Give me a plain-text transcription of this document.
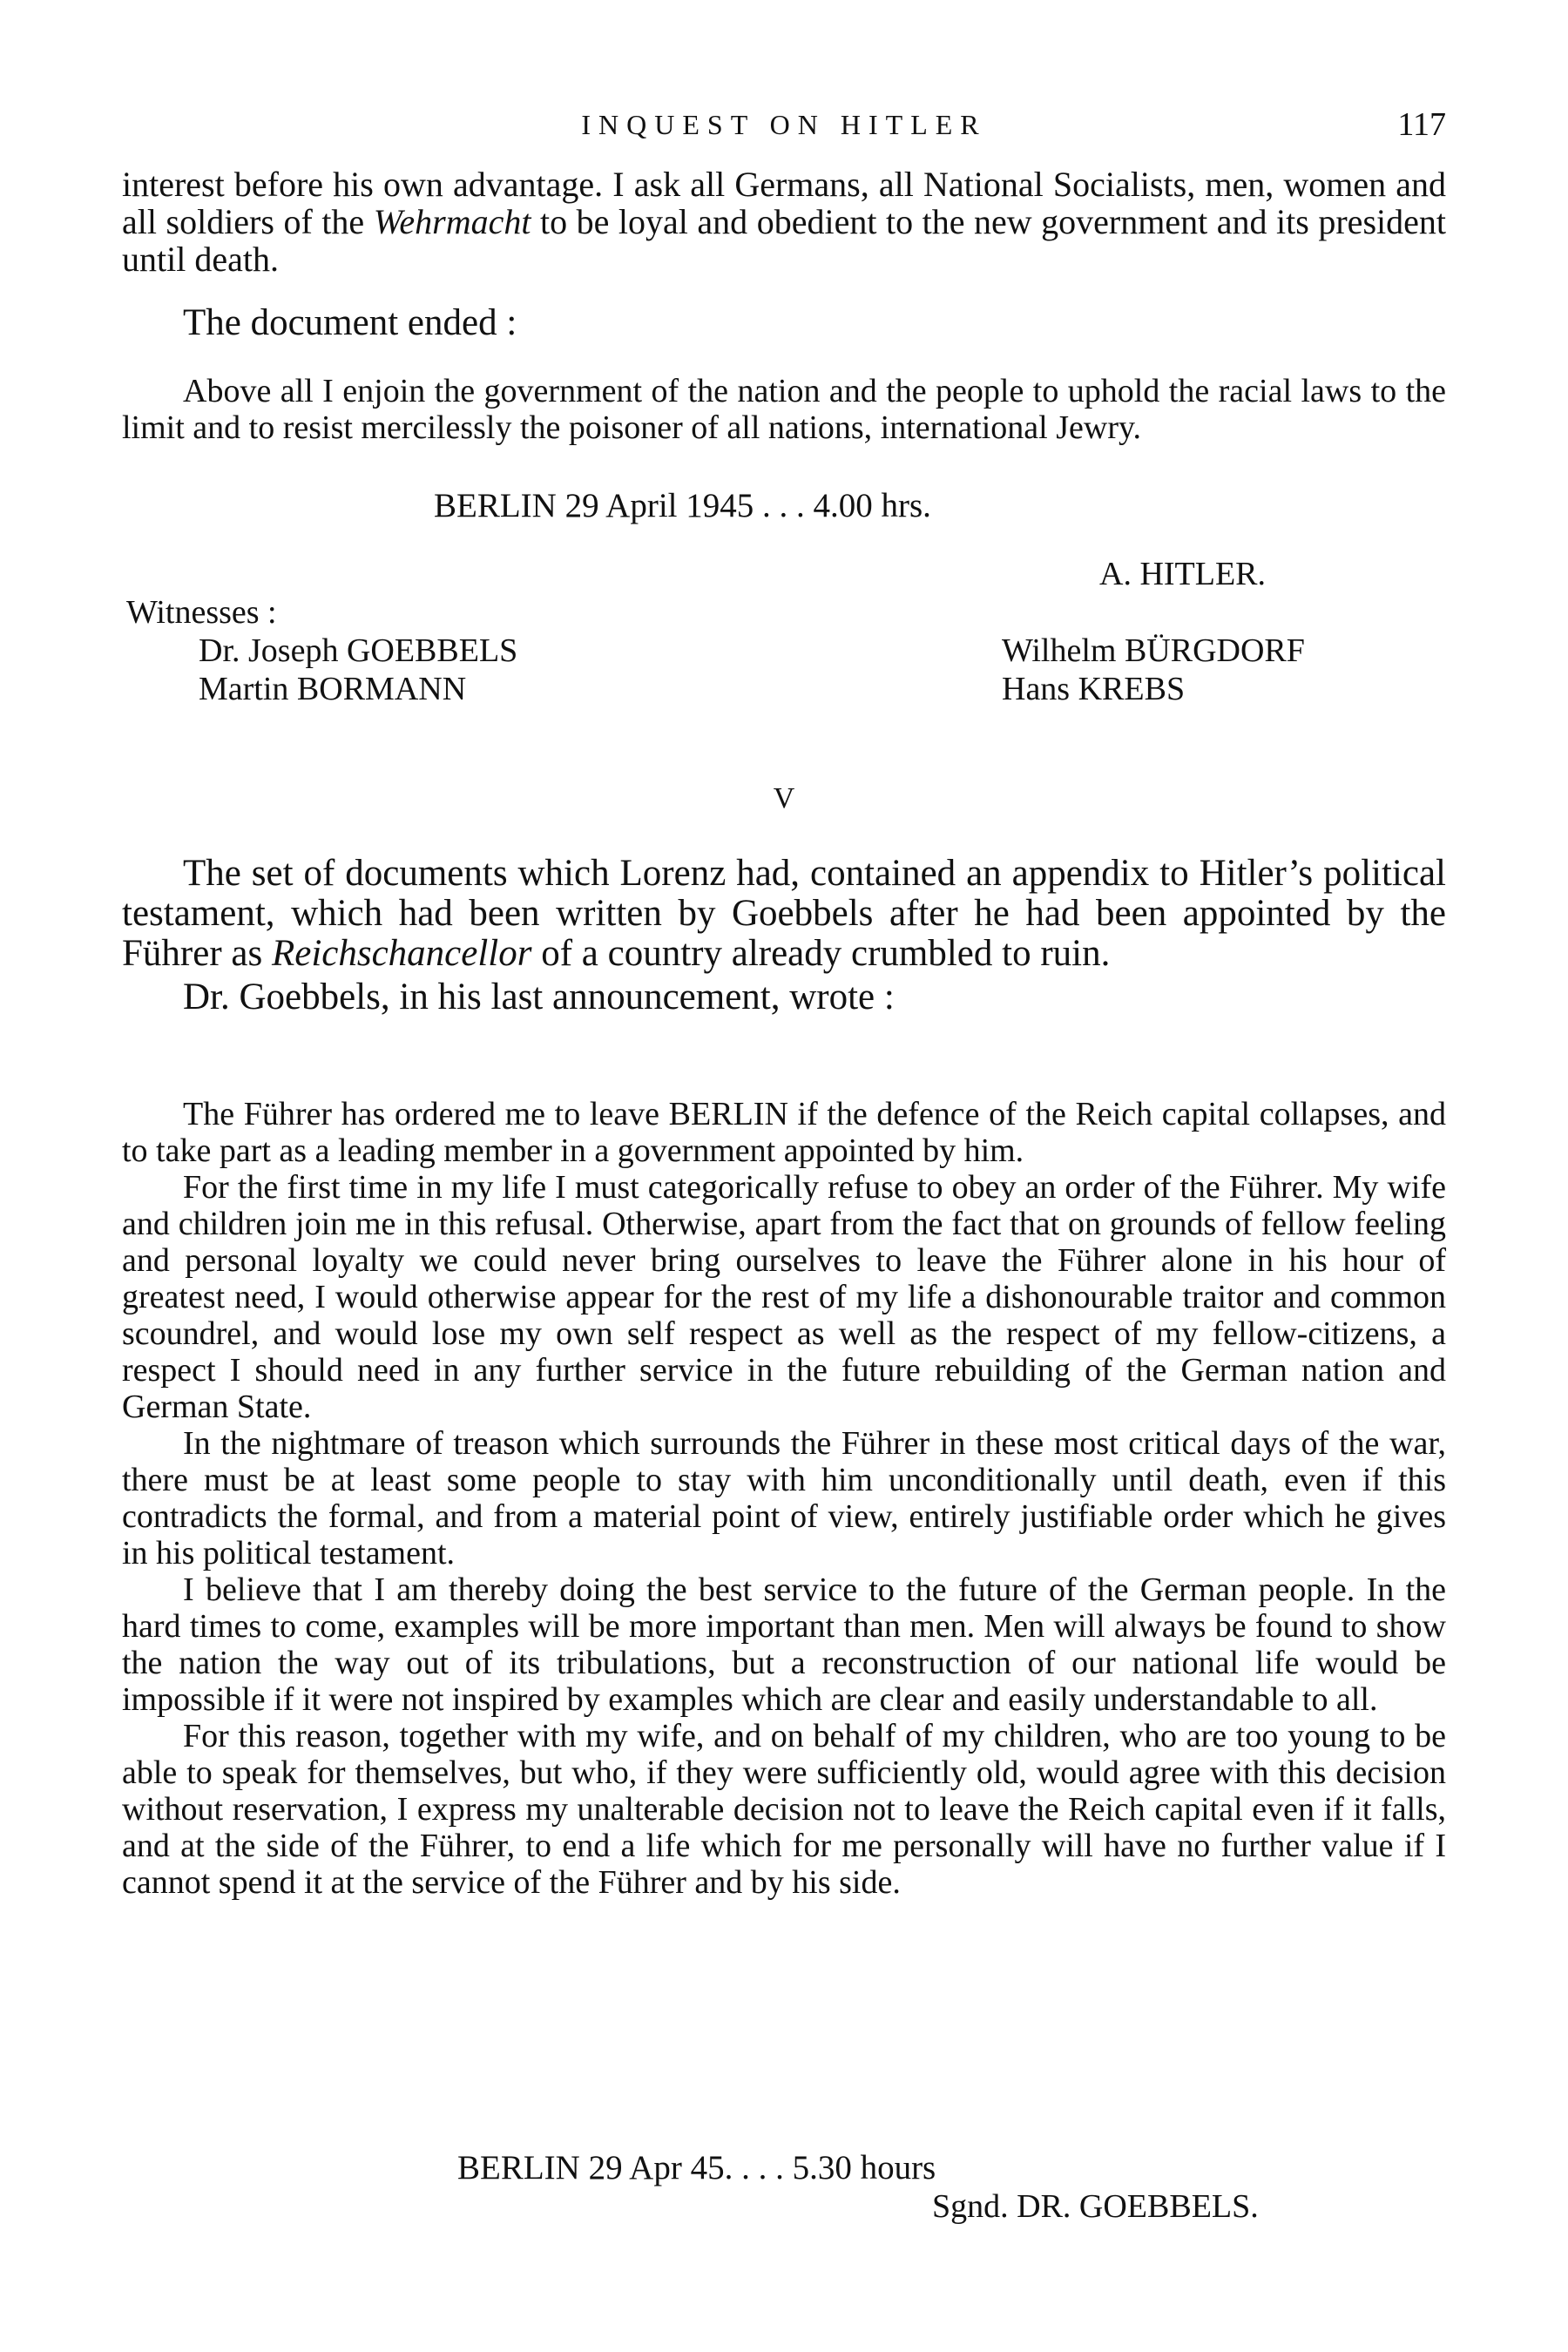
INQUEST ON HITLER	117

interest before his own advantage. I ask all Germans, all National Socialists, men, women and all soldiers of the Wehrmacht to be loyal and obedient to the new government and its president until death.

The document ended :

Above all I enjoin the government of the nation and the people to uphold the racial laws to the limit and to resist mercilessly the poisoner of all nations, international Jewry.

BERLIN 29 April 1945 . . . 4.00 hrs.
A. HITLER.
Witnesses :
Dr. Joseph GOEBBELS
Martin BORMANN
Wilhelm BÜRGDORF
Hans KREBS
V

The set of documents which Lorenz had, contained an appendix to Hitler’s political testament, which had been written by Goebbels after he had been appointed by the Führer as Reichschancellor of a country already crumbled to ruin.

Dr. Goebbels, in his last announcement, wrote :

The Führer has ordered me to leave BERLIN if the defence of the Reich capital collapses, and to take part as a leading member in a government appointed by him.

For the first time in my life I must categorically refuse to obey an order of the Führer. My wife and children join me in this refusal. Otherwise, apart from the fact that on grounds of fellow feeling and personal loyalty we could never bring ourselves to leave the Führer alone in his hour of greatest need, I would otherwise appear for the rest of my life a dishonourable traitor and common scoundrel, and would lose my own self respect as well as the respect of my fellow-citizens, a respect I should need in any further service in the future rebuilding of the German nation and German State.

In the nightmare of treason which surrounds the Führer in these most critical days of the war, there must be at least some people to stay with him unconditionally until death, even if this contradicts the formal, and from a material point of view, entirely justifiable order which he gives in his political testament.

I believe that I am thereby doing the best service to the future of the German people. In the hard times to come, examples will be more important than men. Men will always be found to show the nation the way out of its tribulations, but a reconstruction of our national life would be impossible if it were not inspired by examples which are clear and easily understandable to all.

For this reason, together with my wife, and on behalf of my children, who are too young to be able to speak for themselves, but who, if they were sufficiently old, would agree with this decision without reservation, I express my unalterable decision not to leave the Reich capital even if it falls, and at the side of the Führer, to end a life which for me personally will have no further value if I cannot spend it at the service of the Führer and by his side.

BERLIN 29 Apr 45. . . . 5.30 hours
Sgnd. DR. GOEBBELS.
